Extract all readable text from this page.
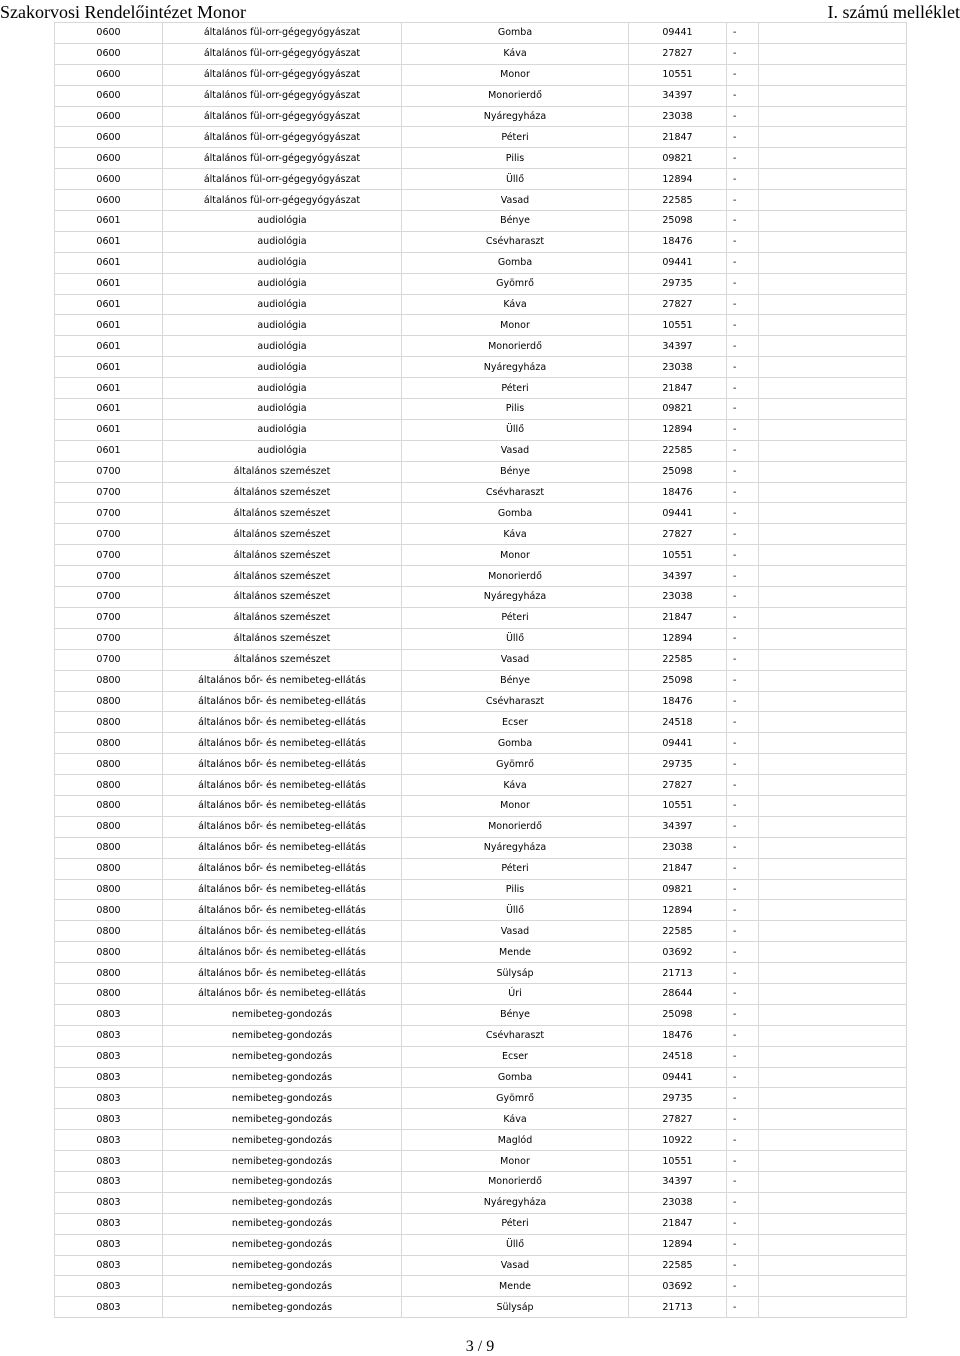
Szakorvosi Rendelőintézet Monor	I. számú melléklet
0600	általános fül-orr-gégegyógyászat	Gomba	09441	-	
0600	általános fül-orr-gégegyógyászat	Káva	27827	-	
0600	általános fül-orr-gégegyógyászat	Monor	10551	-	
0600	általános fül-orr-gégegyógyászat	Monorierdő	34397	-	
0600	általános fül-orr-gégegyógyászat	Nyáregyháza	23038	-	
0600	általános fül-orr-gégegyógyászat	Péteri	21847	-	
0600	általános fül-orr-gégegyógyászat	Pilis	09821	-	
0600	általános fül-orr-gégegyógyászat	Üllő	12894	-	
0600	általános fül-orr-gégegyógyászat	Vasad	22585	-	
0601	audiológia	Bénye	25098	-	
0601	audiológia	Csévharaszt	18476	-	
0601	audiológia	Gomba	09441	-	
0601	audiológia	Gyömrő	29735	-	
0601	audiológia	Káva	27827	-	
0601	audiológia	Monor	10551	-	
0601	audiológia	Monorierdő	34397	-	
0601	audiológia	Nyáregyháza	23038	-	
0601	audiológia	Péteri	21847	-	
0601	audiológia	Pilis	09821	-	
0601	audiológia	Üllő	12894	-	
0601	audiológia	Vasad	22585	-	
0700	általános szemészet	Bénye	25098	-	
0700	általános szemészet	Csévharaszt	18476	-	
0700	általános szemészet	Gomba	09441	-	
0700	általános szemészet	Káva	27827	-	
0700	általános szemészet	Monor	10551	-	
0700	általános szemészet	Monorierdő	34397	-	
0700	általános szemészet	Nyáregyháza	23038	-	
0700	általános szemészet	Péteri	21847	-	
0700	általános szemészet	Üllő	12894	-	
0700	általános szemészet	Vasad	22585	-	
0800	általános bőr- és nemibeteg-ellátás	Bénye	25098	-	
0800	általános bőr- és nemibeteg-ellátás	Csévharaszt	18476	-	
0800	általános bőr- és nemibeteg-ellátás	Ecser	24518	-	
0800	általános bőr- és nemibeteg-ellátás	Gomba	09441	-	
0800	általános bőr- és nemibeteg-ellátás	Gyömrő	29735	-	
0800	általános bőr- és nemibeteg-ellátás	Káva	27827	-	
0800	általános bőr- és nemibeteg-ellátás	Monor	10551	-	
0800	általános bőr- és nemibeteg-ellátás	Monorierdő	34397	-	
0800	általános bőr- és nemibeteg-ellátás	Nyáregyháza	23038	-	
0800	általános bőr- és nemibeteg-ellátás	Péteri	21847	-	
0800	általános bőr- és nemibeteg-ellátás	Pilis	09821	-	
0800	általános bőr- és nemibeteg-ellátás	Üllő	12894	-	
0800	általános bőr- és nemibeteg-ellátás	Vasad	22585	-	
0800	általános bőr- és nemibeteg-ellátás	Mende	03692	-	
0800	általános bőr- és nemibeteg-ellátás	Sülysáp	21713	-	
0800	általános bőr- és nemibeteg-ellátás	Úri	28644	-	
0803	nemibeteg-gondozás	Bénye	25098	-	
0803	nemibeteg-gondozás	Csévharaszt	18476	-	
0803	nemibeteg-gondozás	Ecser	24518	-	
0803	nemibeteg-gondozás	Gomba	09441	-	
0803	nemibeteg-gondozás	Gyömrő	29735	-	
0803	nemibeteg-gondozás	Káva	27827	-	
0803	nemibeteg-gondozás	Maglód	10922	-	
0803	nemibeteg-gondozás	Monor	10551	-	
0803	nemibeteg-gondozás	Monorierdő	34397	-	
0803	nemibeteg-gondozás	Nyáregyháza	23038	-	
0803	nemibeteg-gondozás	Péteri	21847	-	
0803	nemibeteg-gondozás	Üllő	12894	-	
0803	nemibeteg-gondozás	Vasad	22585	-	
0803	nemibeteg-gondozás	Mende	03692	-	
0803	nemibeteg-gondozás	Sülysáp	21713	-	
3 / 9
